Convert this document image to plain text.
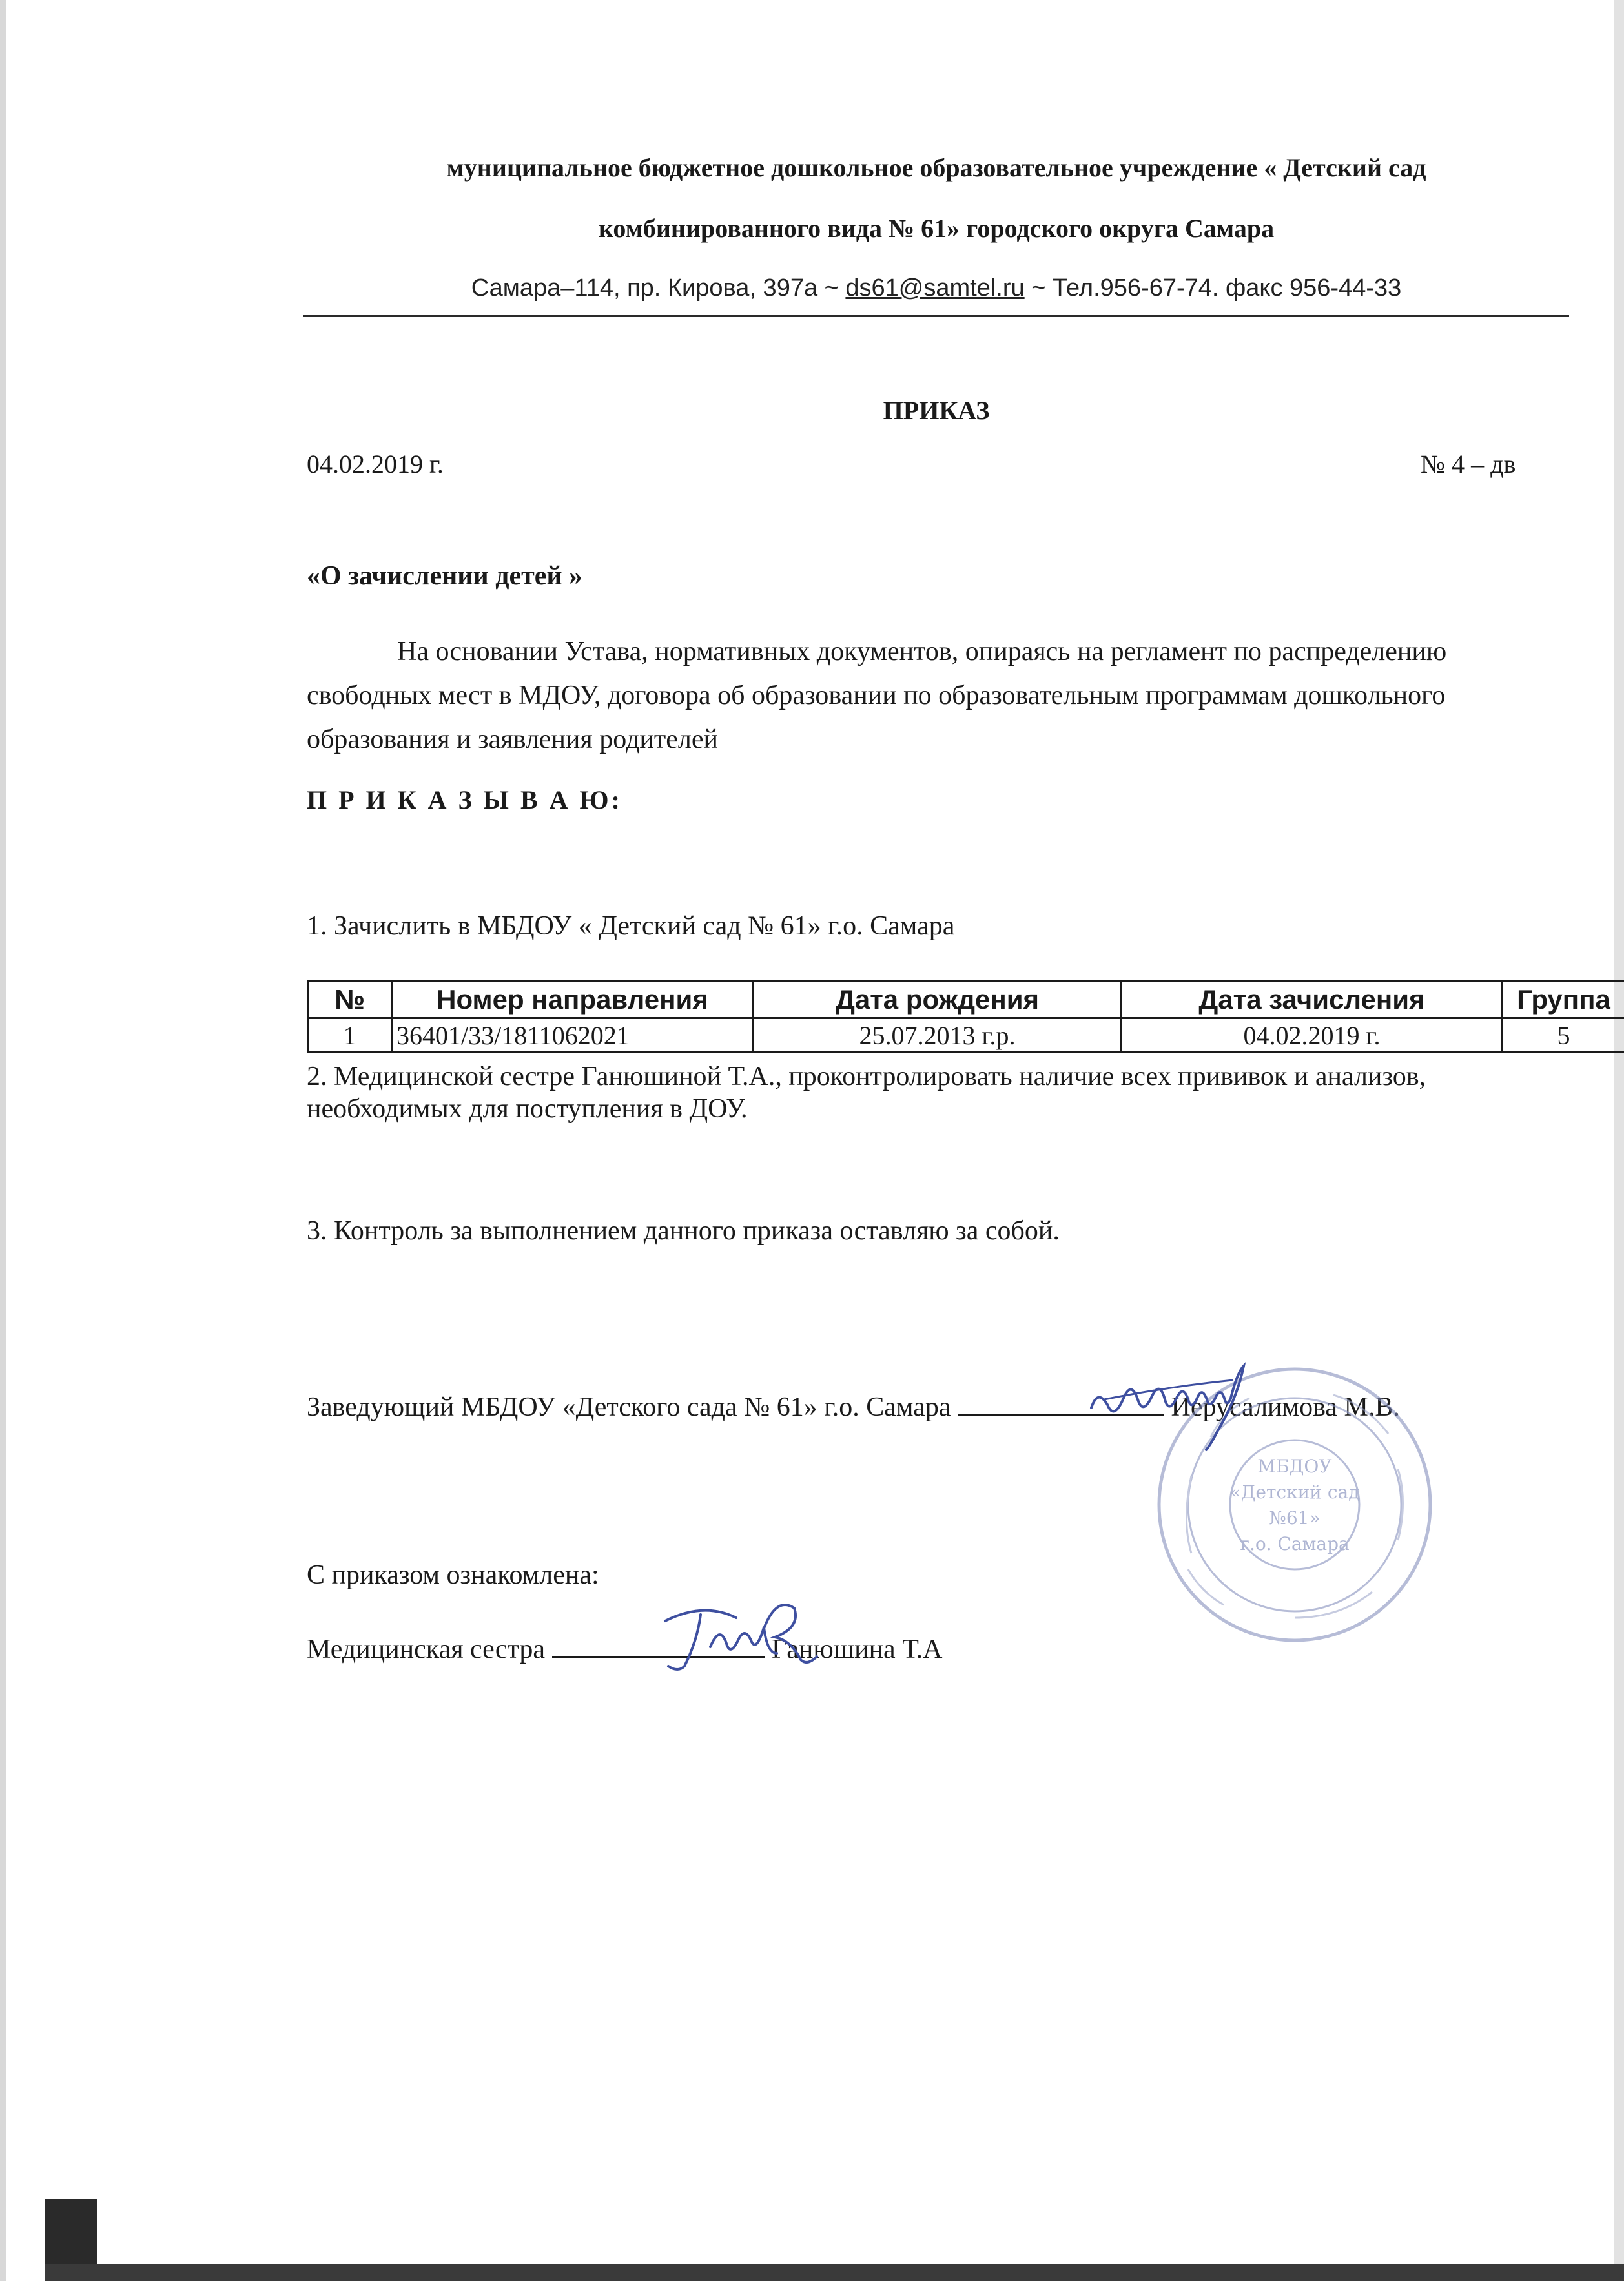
муниципальное бюджетное дошкольное образовательное учреждение « Детский сад
комбинированного вида № 61» городского округа Самара
Самара–114, пр. Кирова, 397а ~ ds61@samtel.ru ~ Тел.956-67-74. факс 956-44-33
ПРИКАЗ
04.02.2019 г.	№ 4 – дв
«О зачислении детей »
На основании Устава, нормативных документов, опираясь на регламент по распределению свободных мест в МДОУ, договора об образовании по образовательным программам дошкольного образования и заявления родителей
П Р И К А З Ы В А Ю:
1. Зачислить в МБДОУ « Детский сад № 61» г.о. Самара
№	Номер направления	Дата рождения	Дата зачисления	Группа
1	36401/33/1811062021	25.07.2013 г.р.	04.02.2019 г.	5
2. Медицинской сестре Ганюшиной Т.А., проконтролировать наличие всех прививок и анализов, необходимых для поступления в ДОУ.
3. Контроль за выполнением данного приказа оставляю за собой.
Заведующий МБДОУ «Детского сада № 61» г.о. Самара	Иерусалимова М.В.
С приказом ознакомлена:
Медицинская сестра	Ганюшина Т.А
МБДОУ
«Детский сад
№61»
г.о. Самара
